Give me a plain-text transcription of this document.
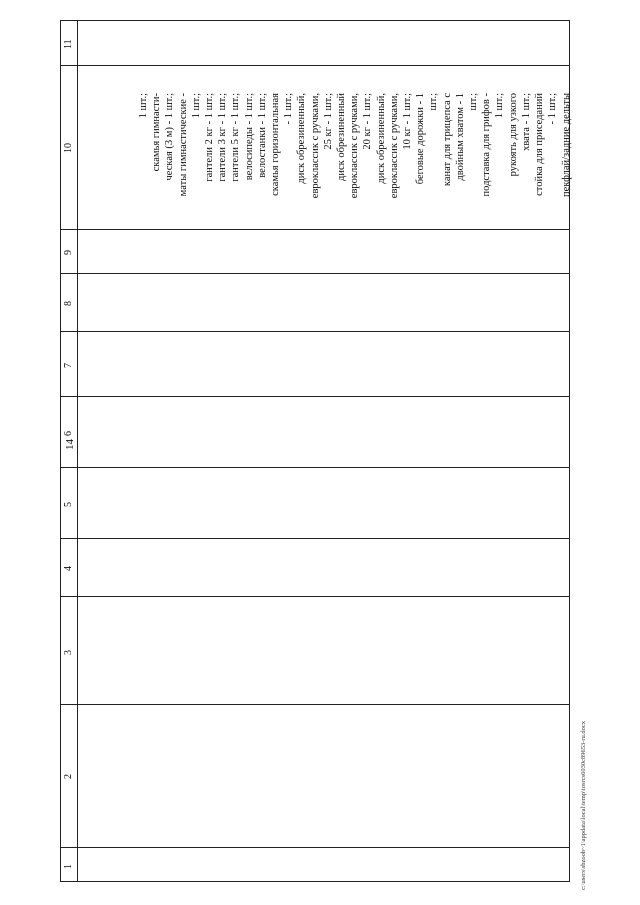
14
11
10
9
8
7
6
5
4
3
2
1
1 шт.; скамья гимнасти- ческая (3 м) - 1 шт.; маты гимнастические - 1 шт.; гантели 2 кг - 1 шт.; гантели 3 кг - 1 шт.; гантели 5 кг - 1 шт.; велосипеды - 1 шт.; велостанки - 1 шт.; скамья горизонтальная - 1 шт.; диск обрезиненный, евроклассик с ручками, 25 кг - 1 шт.; диск обрезиненный евроклассик с ручками, 20 кг - 1 шт.; диск обрезиненный, евроклассик с ручками, 10 кг - 1 шт.; беговые дорожки - 1 шт.; канат для трицепса с двойным хватом - 1 шт.; подставка для грифов - 1 шт.; рукоять для узкого хвата - 1 шт.; стойка для приседаний - 1 шт.; пекфлай/задние дельты
c:\users\sbzoob~1\appdata\local\temp\tosrcs6030c89653-ru.docx
